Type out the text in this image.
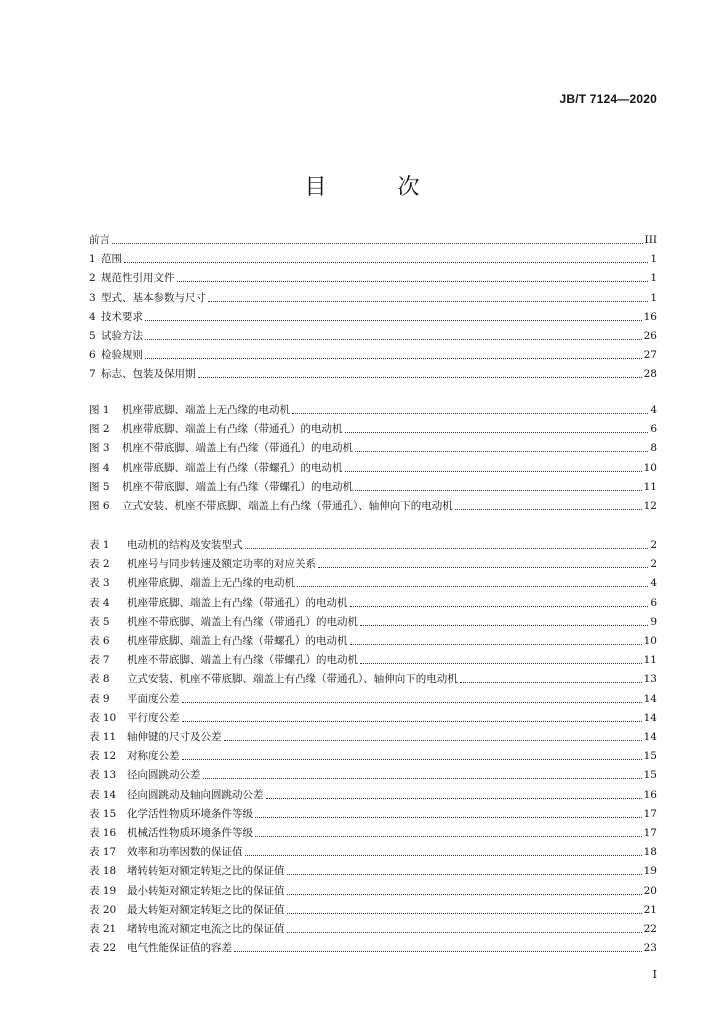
JB/T 7124—2020
目 次
前言	III
1 范围	1
2 规范性引用文件	1
3 型式、基本参数与尺寸	1
4 技术要求	16
5 试验方法	26
6 检验规则	27
7 标志、包装及保用期	28
图 1	机座带底脚、端盖上无凸缘的电动机	4
图 2	机座带底脚、端盖上有凸缘（带通孔）的电动机	6
图 3	机座不带底脚、端盖上有凸缘（带通孔）的电动机	8
图 4	机座带底脚、端盖上有凸缘（带螺孔）的电动机	10
图 5	机座不带底脚、端盖上有凸缘（带螺孔）的电动机	11
图 6	立式安装、机座不带底脚、端盖上有凸缘（带通孔）、轴伸向下的电动机	12
表 1	电动机的结构及安装型式	2
表 2	机座号与同步转速及额定功率的对应关系	2
表 3	机座带底脚、端盖上无凸缘的电动机	4
表 4	机座带底脚、端盖上有凸缘（带通孔）的电动机	6
表 5	机座不带底脚、端盖上有凸缘（带通孔）的电动机	9
表 6	机座带底脚、端盖上有凸缘（带螺孔）的电动机	10
表 7	机座不带底脚、端盖上有凸缘（带螺孔）的电动机	11
表 8	立式安装、机座不带底脚、端盖上有凸缘（带通孔）、轴伸向下的电动机	13
表 9	平面度公差	14
表 10	平行度公差	14
表 11	轴伸键的尺寸及公差	14
表 12	对称度公差	15
表 13	径向圆跳动公差	15
表 14	径向圆跳动及轴向圆跳动公差	16
表 15	化学活性物质环境条件等级	17
表 16	机械活性物质环境条件等级	17
表 17	效率和功率因数的保证值	18
表 18	堵转转矩对额定转矩之比的保证值	19
表 19	最小转矩对额定转矩之比的保证值	20
表 20	最大转矩对额定转矩之比的保证值	21
表 21	堵转电流对额定电流之比的保证值	22
表 22	电气性能保证值的容差	23
I
